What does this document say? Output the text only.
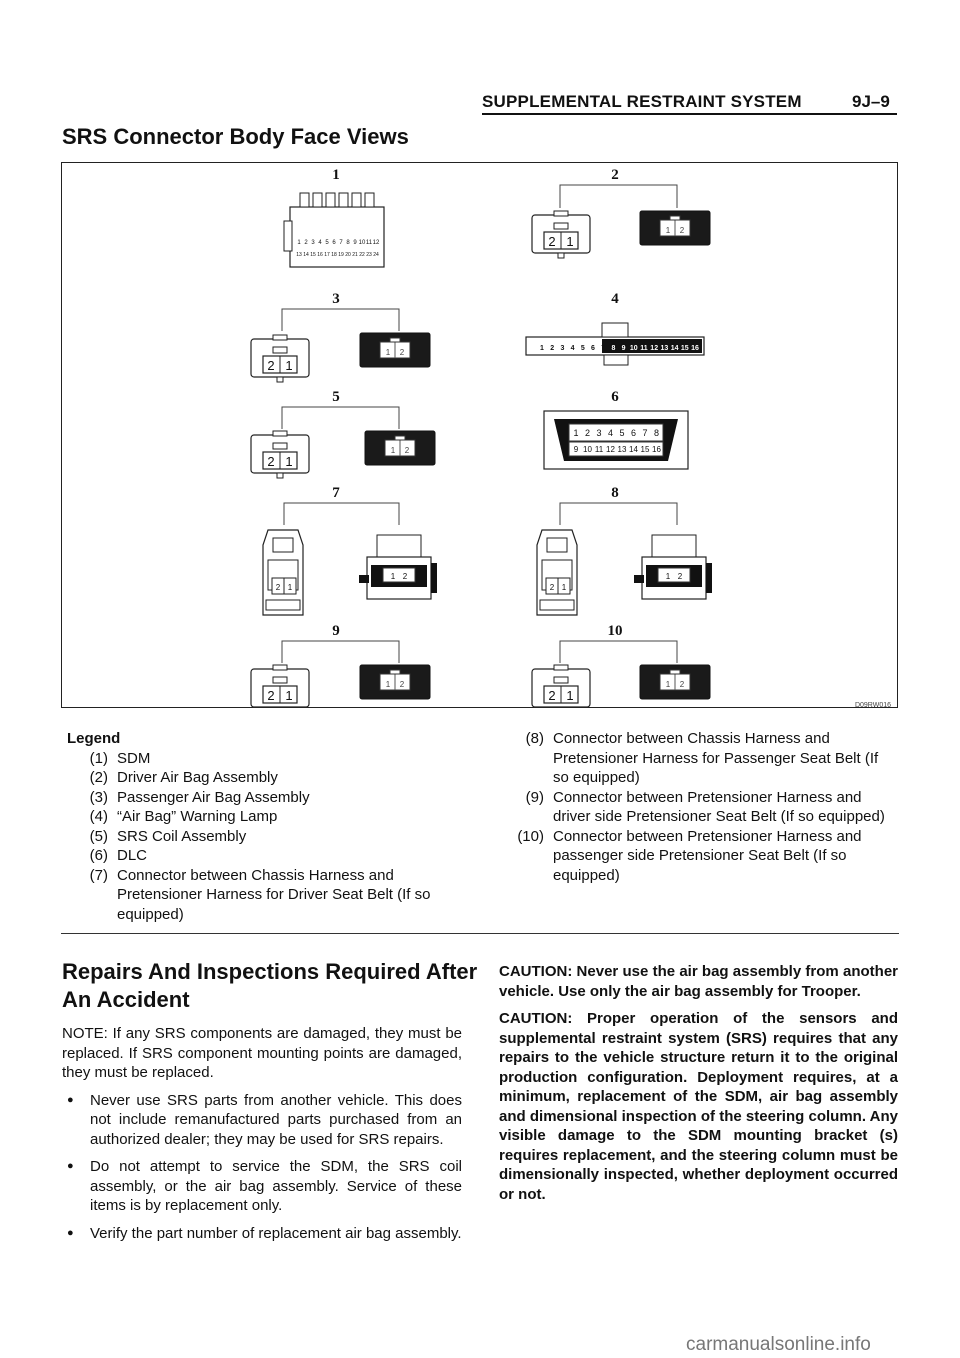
SUPPLEMENTAL RESTRAINT SYSTEM	9J–9
SRS Connector Body Face Views
1
1 2 3 4 5 6 7 8 9 10 11 12
13 14 15 16 17 18 19 20 21 22 23 24
2
2 1
1 2
3
2 1
1 2
4
1 2 3 4 5 6 7 8 9 10 11 12 13 14 15 16
5
2 1
1 2
6
1 2 3 4 5 6 7 8
9 10 11 12 13 14 15 16
7
2 1
1 2
8
2 1
1 2
9
2 1
1 2
10
2 1
1 2
D09RW016
Legend
(1) SDM
(2) Driver Air Bag Assembly
(3) Passenger Air Bag Assembly
(4) “Air Bag” Warning Lamp
(5) SRS Coil Assembly
(6) DLC
(7) Connector between Chassis Harness and Pretensioner Harness for Driver Seat Belt (If so equipped)
(8) Connector between Chassis Harness and Pretensioner Harness for Passenger Seat Belt (If so equipped)
(9) Connector between Pretensioner Harness and driver side Pretensioner Seat Belt (If so equipped)
(10) Connector between Pretensioner Harness and passenger side Pretensioner Seat Belt (If so equipped)
Repairs And Inspections Required After An Accident

NOTE: If any SRS components are damaged, they must be replaced. If SRS component mounting points are damaged, they must be replaced.

●	Never use SRS parts from another vehicle. This does not include remanufactured parts purchased from an authorized dealer; they may be used for SRS repairs.
●	Do not attempt to service the SDM, the SRS coil assembly, or the air bag assembly. Service of these items is by replacement only.
●	Verify the part number of replacement air bag assembly.

CAUTION: Never use the air bag assembly from another vehicle. Use only the air bag assembly for Trooper.

CAUTION: Proper operation of the sensors and supplemental restraint system (SRS) requires that any repairs to the vehicle structure return it to the original production configuration. Deployment requires, at a minimum, replacement of the SDM, air bag assembly and dimensional inspection of the steering column. Any visible damage to the SDM mounting bracket (s) requires replacement, and the steering column must be dimensionally inspected, whether deployment occurred or not.

carmanualsonline.info
